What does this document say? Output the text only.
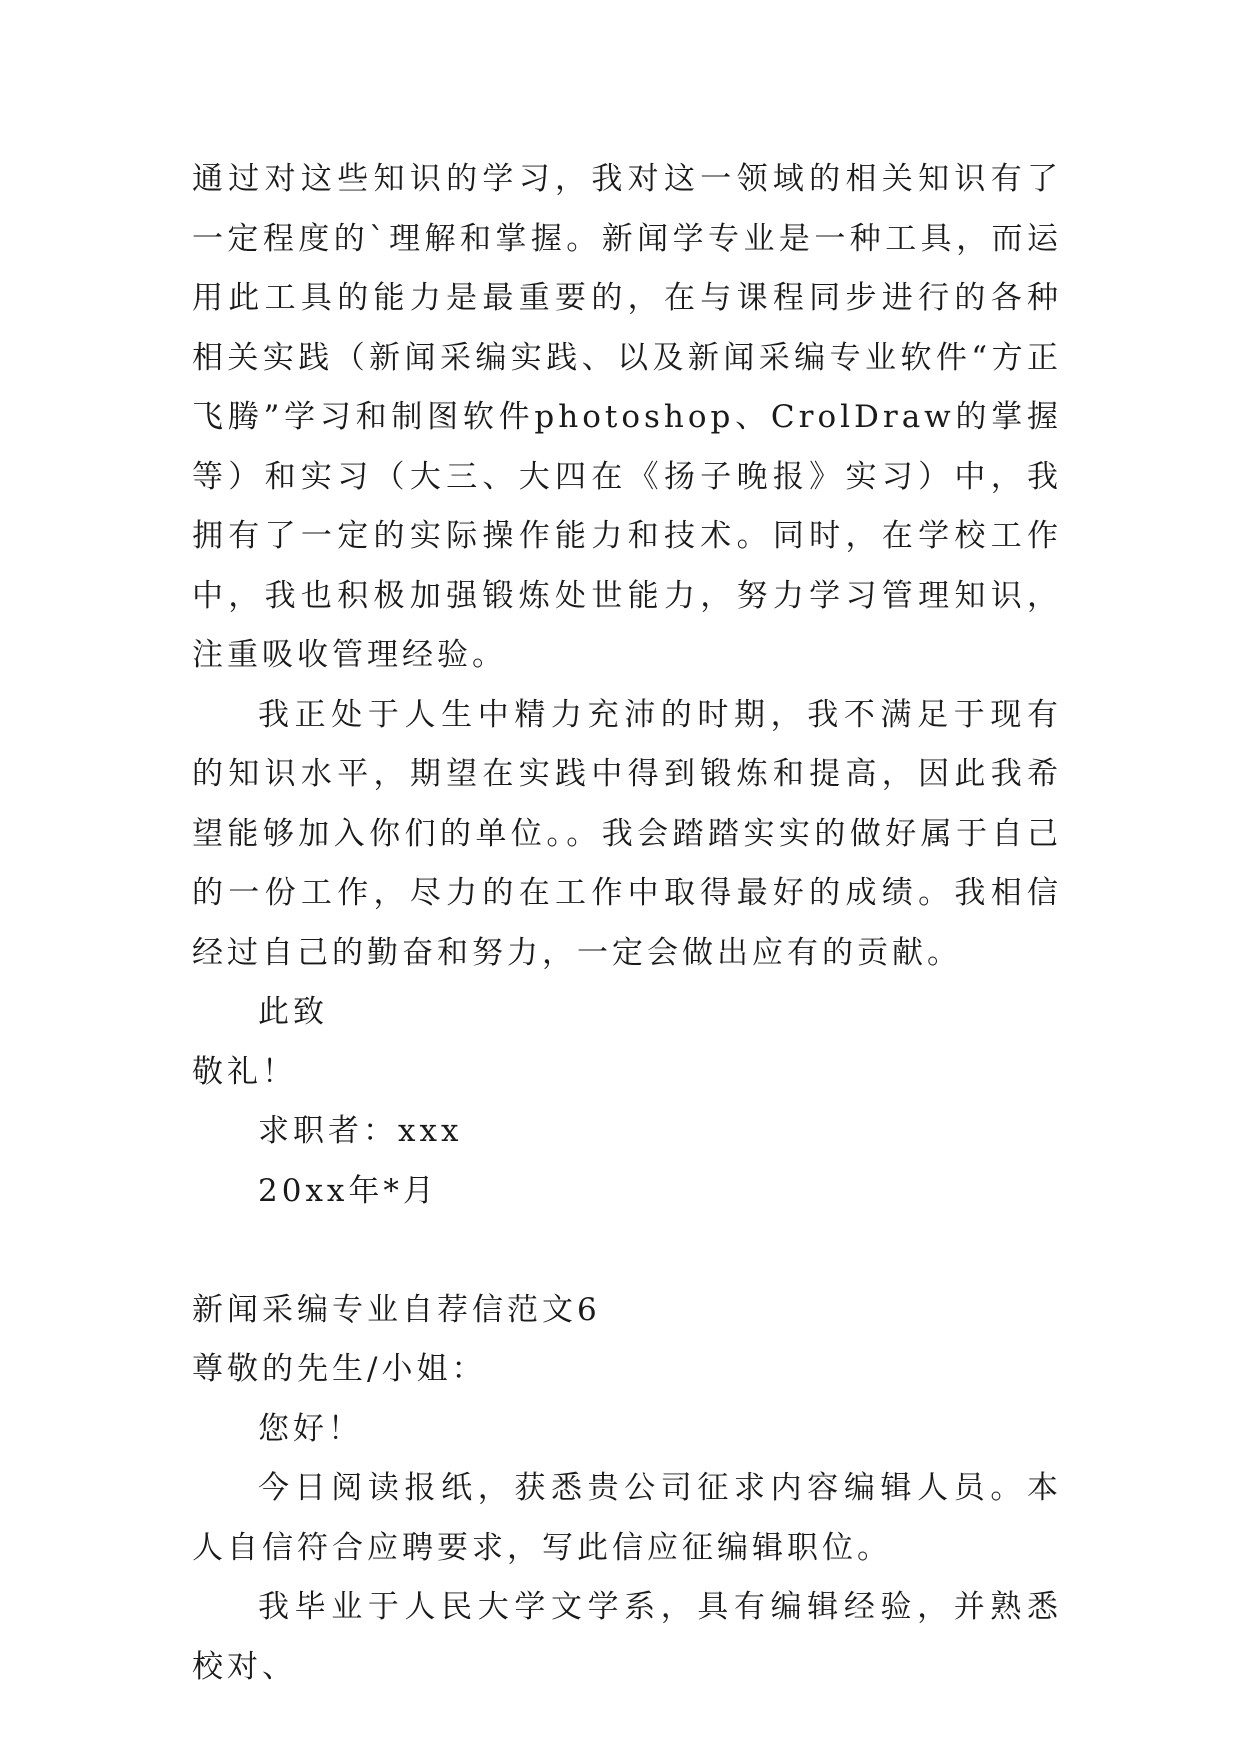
通过对这些知识的学习，我对这一领域的相关知识有了一定程度的`理解和掌握。新闻学专业是一种工具，而运用此工具的能力是最重要的，在与课程同步进行的各种相关实践（新闻采编实践、以及新闻采编专业软件“方正飞腾”学习和制图软件photoshop、CrolDraw的掌握等）和实习（大三、大四在《扬子晚报》实习）中，我拥有了一定的实际操作能力和技术。同时，在学校工作中，我也积极加强锻炼处世能力，努力学习管理知识，注重吸收管理经验。

我正处于人生中精力充沛的时期，我不满足于现有的知识水平，期望在实践中得到锻炼和提高，因此我希望能够加入你们的单位。。我会踏踏实实的做好属于自己的一份工作，尽力的在工作中取得最好的成绩。我相信经过自己的勤奋和努力，一定会做出应有的贡献。

此致

敬礼！

求职者：xxx

20xx年*月

新闻采编专业自荐信范文6

尊敬的先生/小姐：

您好！

今日阅读报纸，获悉贵公司征求内容编辑人员。本人自信符合应聘要求，写此信应征编辑职位。

我毕业于人民大学文学系，具有编辑经验，并熟悉校对、
